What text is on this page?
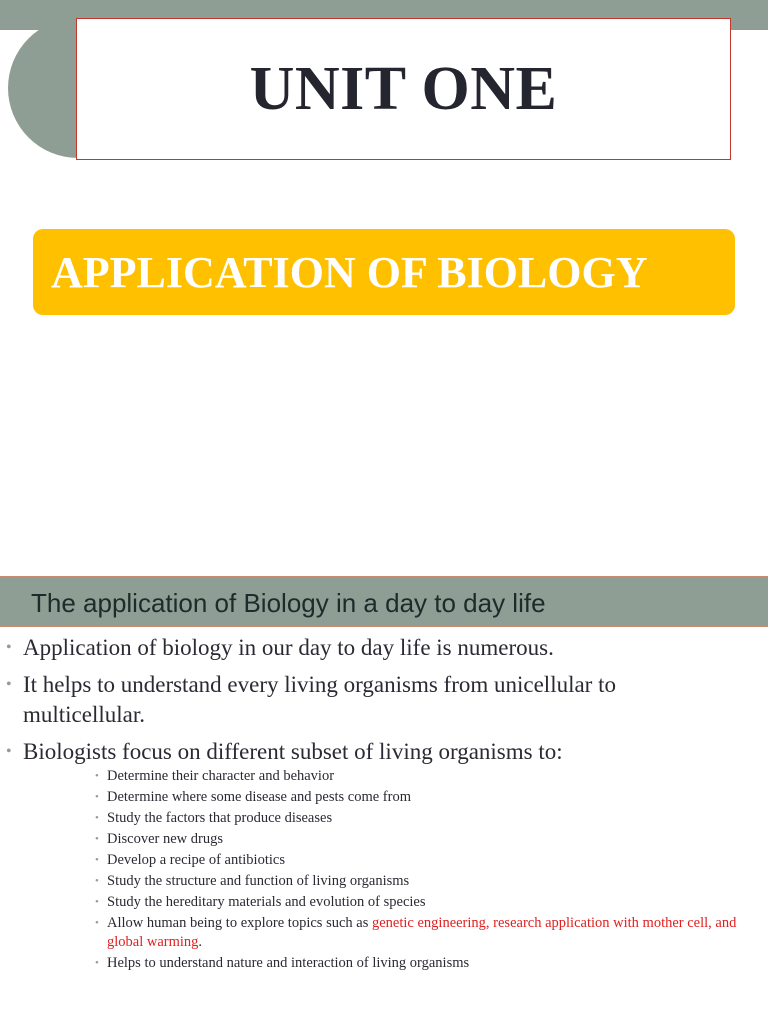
UNIT ONE
APPLICATION OF BIOLOGY
The application of Biology in a day to day life
• Application of biology in our day to day life is numerous.
• It helps to understand every living organisms from unicellular to multicellular.
• Biologists focus on different subset of living organisms to:
• Determine their character and behavior
• Determine where some disease and pests come from
• Study the factors that produce diseases
• Discover new drugs
• Develop a recipe of antibiotics
• Study the structure and function of living organisms
• Study the hereditary materials and evolution of species
• Allow human being to explore topics such as genetic engineering, research application with mother cell, and global warming.
• Helps to understand nature and interaction of living organisms
